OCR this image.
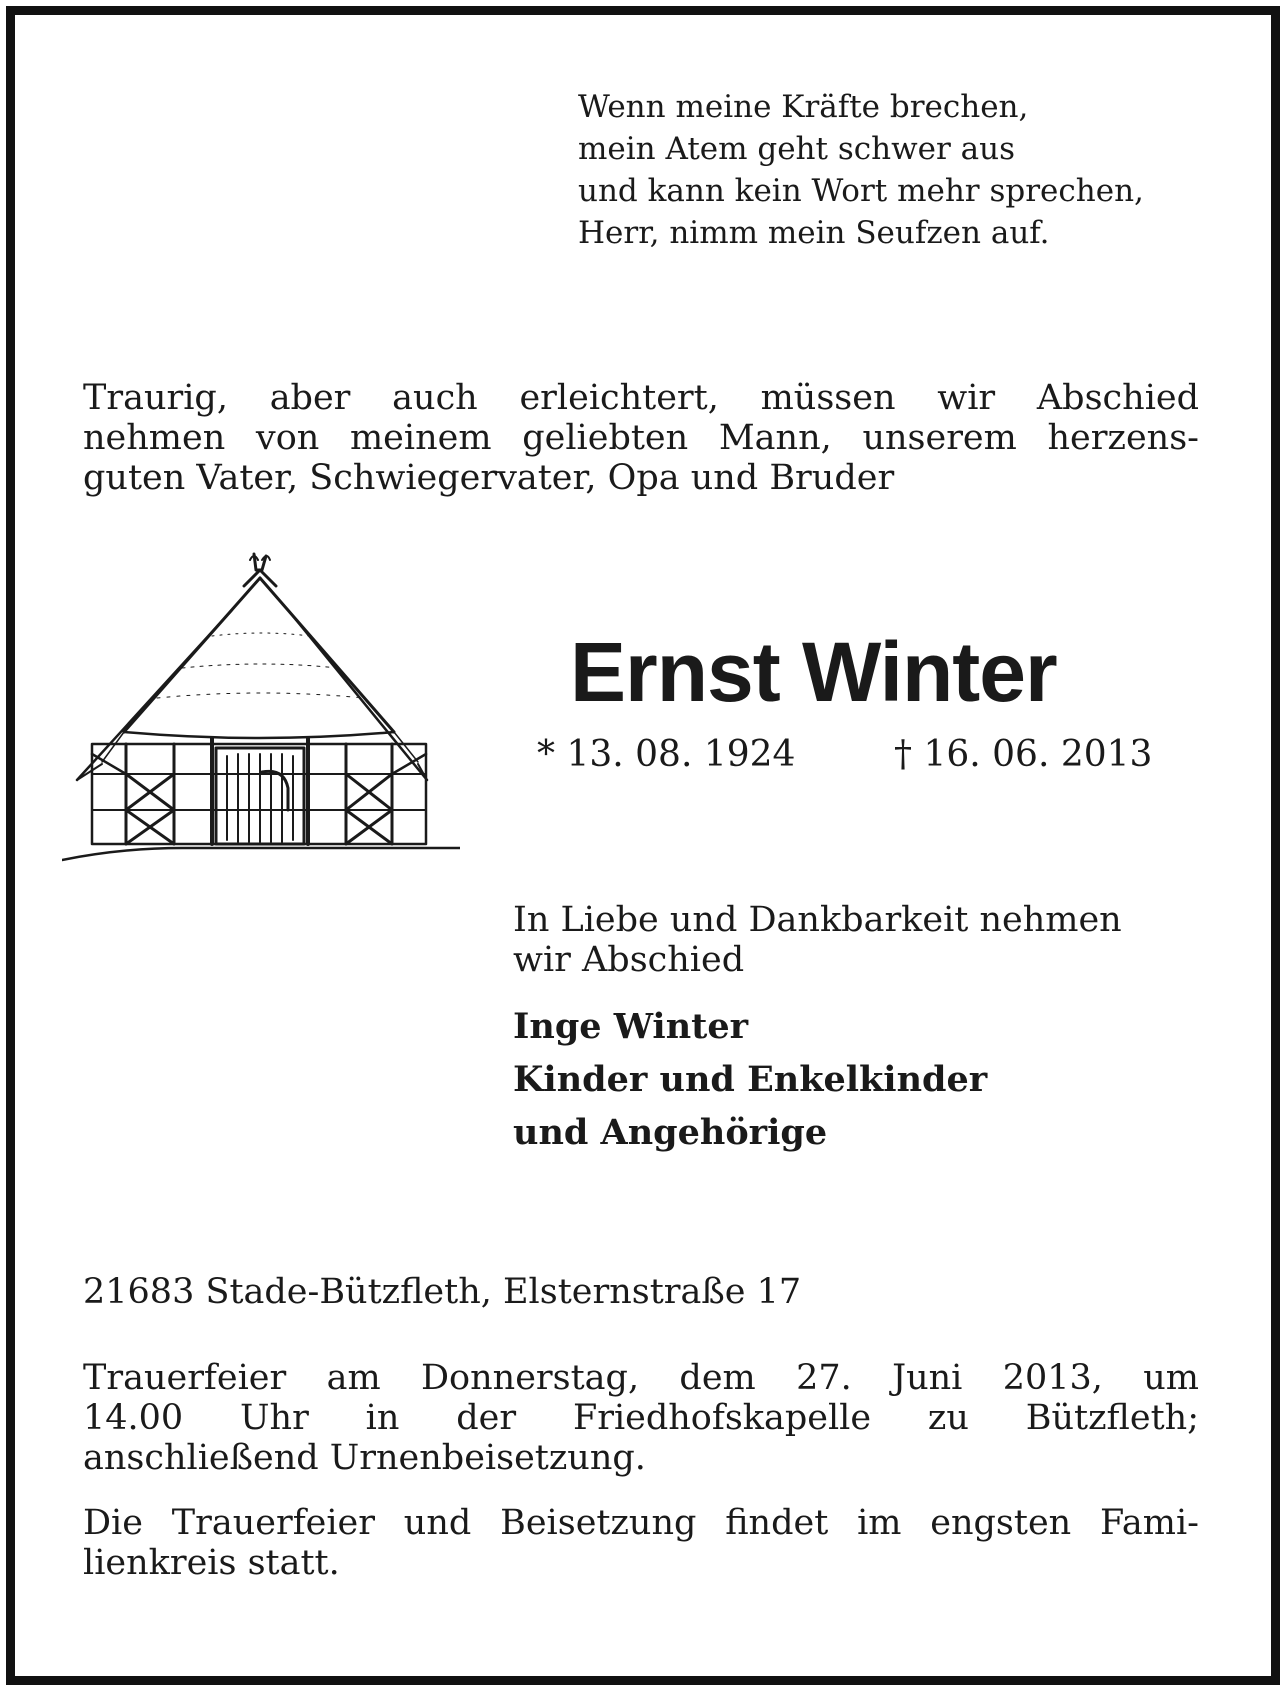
Wenn meine Kräfte brechen,
mein Atem geht schwer aus
und kann kein Wort mehr sprechen,
Herr, nimm mein Seufzen auf.
Traurig, aber auch erleichtert, müssen wir Abschied
nehmen von meinem geliebten Mann, unserem herzens-
guten Vater, Schwiegervater, Opa und Bruder
Ernst Winter
* 13. 08. 1924	† 16. 06. 2013
In Liebe und Dankbarkeit nehmen
wir Abschied
Inge Winter
Kinder und Enkelkinder
und Angehörige
21683 Stade-Bützfleth, Elsternstraße 17
Trauerfeier am Donnerstag, dem 27. Juni 2013, um
14.00 Uhr in der Friedhofskapelle zu Bützfleth;
anschließend Urnenbeisetzung.
Die Trauerfeier und Beisetzung findet im engsten Fami-
lienkreis statt.
